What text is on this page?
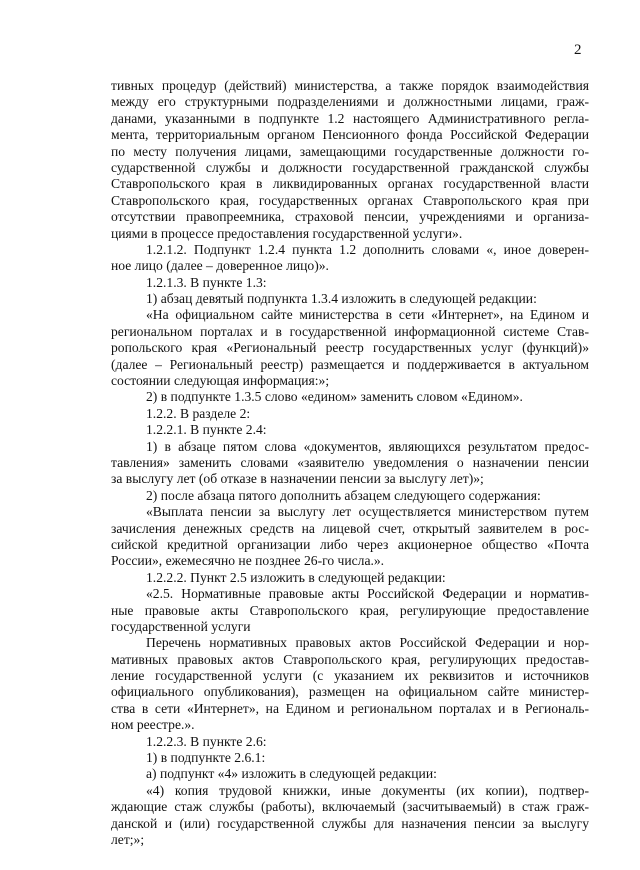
2
тивных процедур (действий) министерства, а также порядок взаимодействия
между его структурными подразделениями и должностными лицами, граж-
данами, указанными в подпункте 1.2 настоящего Административного регла-
мента, территориальным органом Пенсионного фонда Российской Федерации
по месту получения лицами, замещающими государственные должности го-
сударственной службы и должности государственной гражданской службы
Ставропольского края в ликвидированных органах государственной власти
Ставропольского края, государственных органах Ставропольского края при
отсутствии правопреемника, страховой пенсии, учреждениями и организа-
циями в процессе предоставления государственной услуги».
1.2.1.2. Подпункт 1.2.4 пункта 1.2 дополнить словами «, иное доверен-
ное лицо (далее – доверенное лицо)».
1.2.1.3. В пункте 1.3:
1) абзац девятый подпункта 1.3.4 изложить в следующей редакции:
«На официальном сайте министерства в сети «Интернет», на Едином и
региональном порталах и в государственной информационной системе Став-
ропольского края «Региональный реестр государственных услуг (функций)»
(далее – Региональный реестр) размещается и поддерживается в актуальном
состоянии следующая информация:»;
2) в подпункте 1.3.5 слово «едином» заменить словом «Едином».
1.2.2. В разделе 2:
1.2.2.1. В пункте 2.4:
1) в абзаце пятом слова «документов, являющихся результатом предос-
тавления» заменить словами «заявителю уведомления о назначении пенсии
за выслугу лет (об отказе в назначении пенсии за выслугу лет)»;
2) после абзаца пятого дополнить абзацем следующего содержания:
«Выплата пенсии за выслугу лет осуществляется министерством путем
зачисления денежных средств на лицевой счет, открытый заявителем в рос-
сийской кредитной организации либо через акционерное общество «Почта
России», ежемесячно не позднее 26-го числа.».
1.2.2.2. Пункт 2.5 изложить в следующей редакции:
«2.5. Нормативные правовые акты Российской Федерации и норматив-
ные правовые акты Ставропольского края, регулирующие предоставление
государственной услуги
Перечень нормативных правовых актов Российской Федерации и нор-
мативных правовых актов Ставропольского края, регулирующих предостав-
ление государственной услуги (с указанием их реквизитов и источников
официального опубликования), размещен на официальном сайте министер-
ства в сети «Интернет», на Едином и региональном порталах и в Региональ-
ном реестре.».
1.2.2.3. В пункте 2.6:
1) в подпункте 2.6.1:
а) подпункт «4» изложить в следующей редакции:
«4) копия трудовой книжки, иные документы (их копии), подтвер-
ждающие стаж службы (работы), включаемый (засчитываемый) в стаж граж-
данской и (или) государственной службы для назначения пенсии за выслугу
лет;»;
